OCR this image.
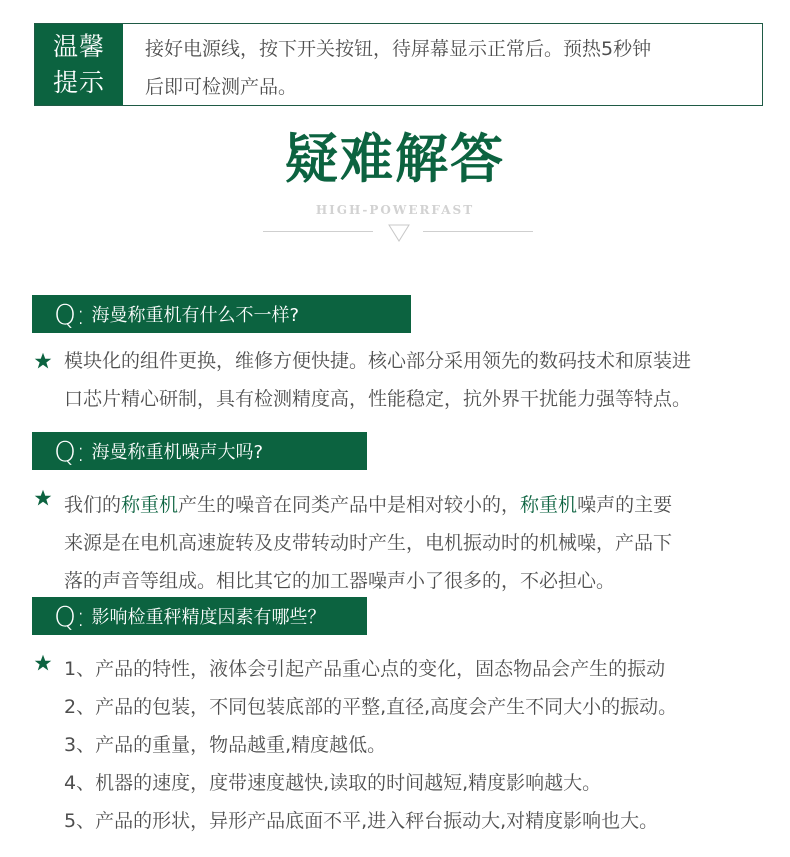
温馨
提示
接好电源线，按下开关按钮，待屏幕显示正常后。预热5秒钟
后即可检测产品。
疑难解答
HIGH-POWERFAST
Q: 海曼称重机有什么不一样?
模块化的组件更换，维修方便快捷。核心部分采用领先的数码技术和原装进
口芯片精心研制，具有检测精度高，性能稳定，抗外界干扰能力强等特点。
Q: 海曼称重机噪声大吗?
我们的称重机产生的噪音在同类产品中是相对较小的，称重机噪声的主要
来源是在电机高速旋转及皮带转动时产生，电机振动时的机械噪，产品下
落的声音等组成。相比其它的加工器噪声小了很多的，不必担心。
Q: 影响检重秤精度因素有哪些？
1、产品的特性，液体会引起产品重心点的变化，固态物品会产生的振动
2、产品的包装，不同包装底部的平整,直径,高度会产生不同大小的振动。
3、产品的重量，物品越重,精度越低。
4、机器的速度，度带速度越快,读取的时间越短,精度影响越大。
5、产品的形状，异形产品底面不平,进入秤台振动大,对精度影响也大。
